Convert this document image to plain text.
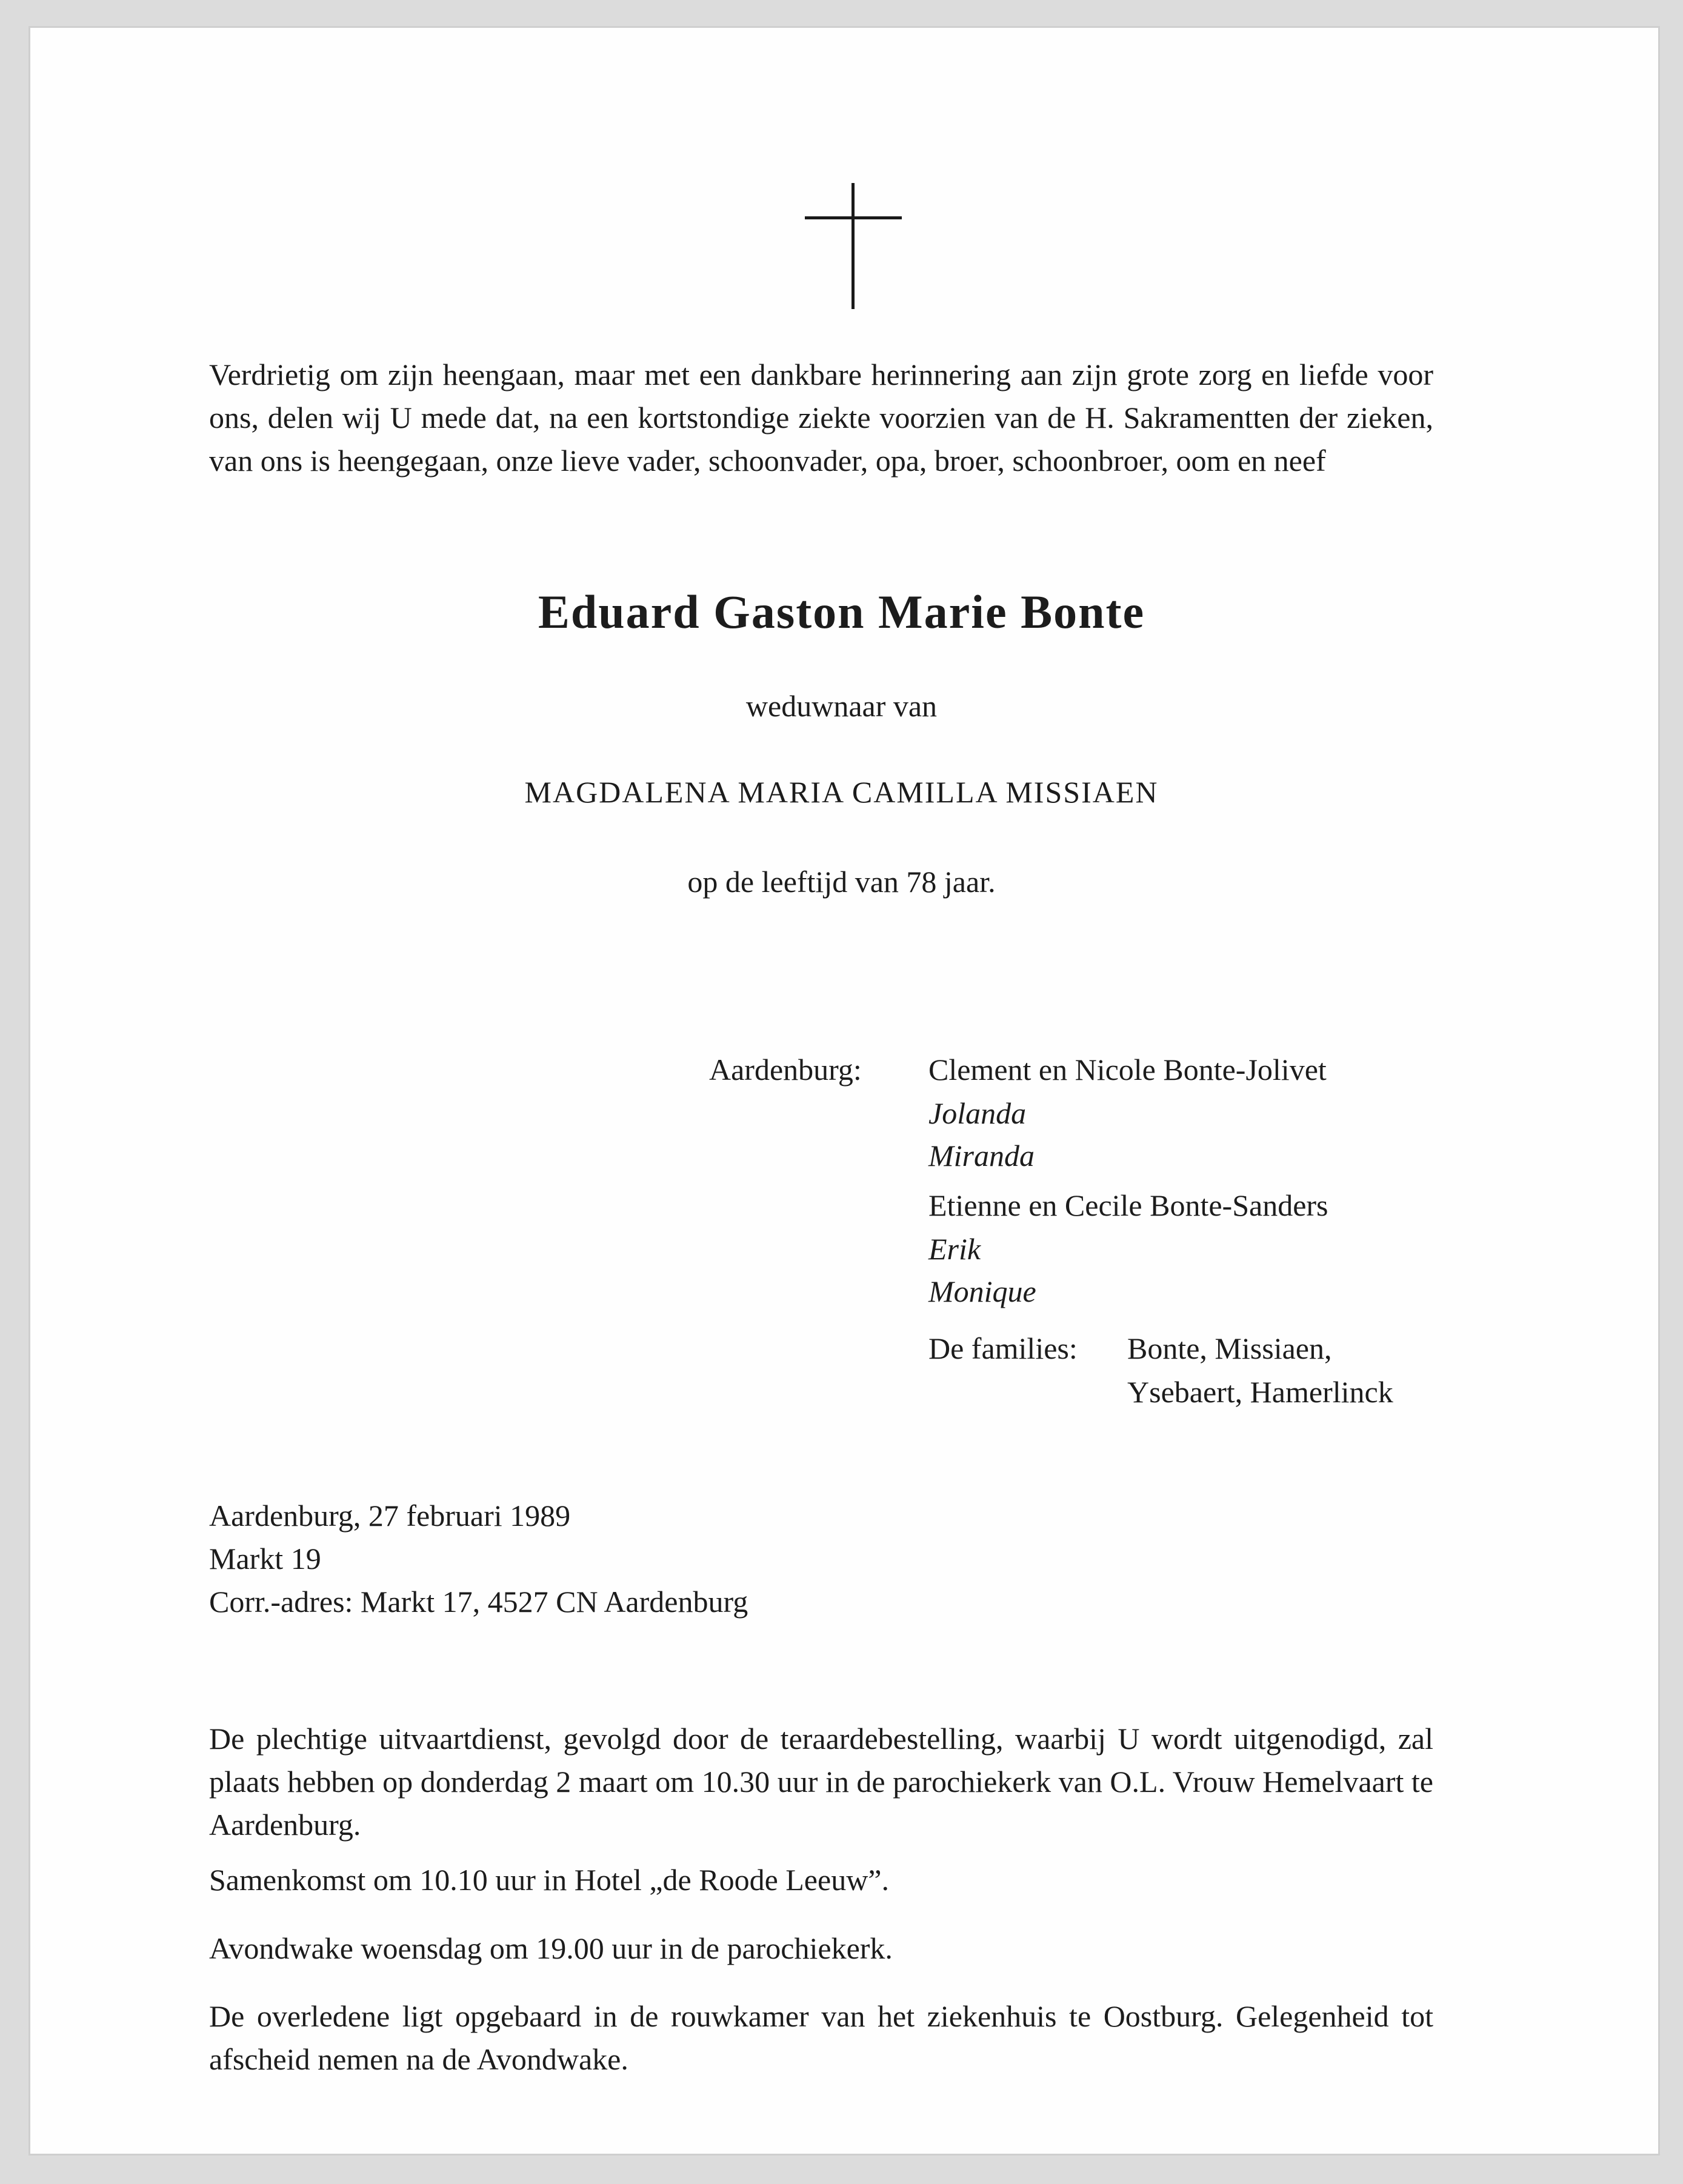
Verdrietig om zijn heengaan, maar met een dankbare herinnering aan zijn grote zorg en liefde voor ons, delen wij U mede dat, na een kortstondige ziekte voorzien van de H. Sakramentten der zieken, van ons is heengegaan, onze lieve vader, schoonvader, opa, broer, schoonbroer, oom en neef
Eduard Gaston Marie Bonte
weduwnaar van
MAGDALENA MARIA CAMILLA MISSIAEN
op de leeftijd van 78 jaar.
Aardenburg: Clement en Nicole Bonte-Jolivet
Jolanda
Miranda
Etienne en Cecile Bonte-Sanders
Erik
Monique
De families: Bonte, Missiaen,
Ysebaert, Hamerlinck
Aardenburg, 27 februari 1989
Markt 19
Corr.-adres: Markt 17, 4527 CN Aardenburg
De plechtige uitvaartdienst, gevolgd door de teraardebestelling, waarbij U wordt uitgenodigd, zal plaats hebben op donderdag 2 maart om 10.30 uur in de parochiekerk van O.L. Vrouw Hemelvaart te Aardenburg.
Samenkomst om 10.10 uur in Hotel „de Roode Leeuw”.
Avondwake woensdag om 19.00 uur in de parochiekerk.
De overledene ligt opgebaard in de rouwkamer van het ziekenhuis te Oostburg. Gelegenheid tot afscheid nemen na de Avondwake.
